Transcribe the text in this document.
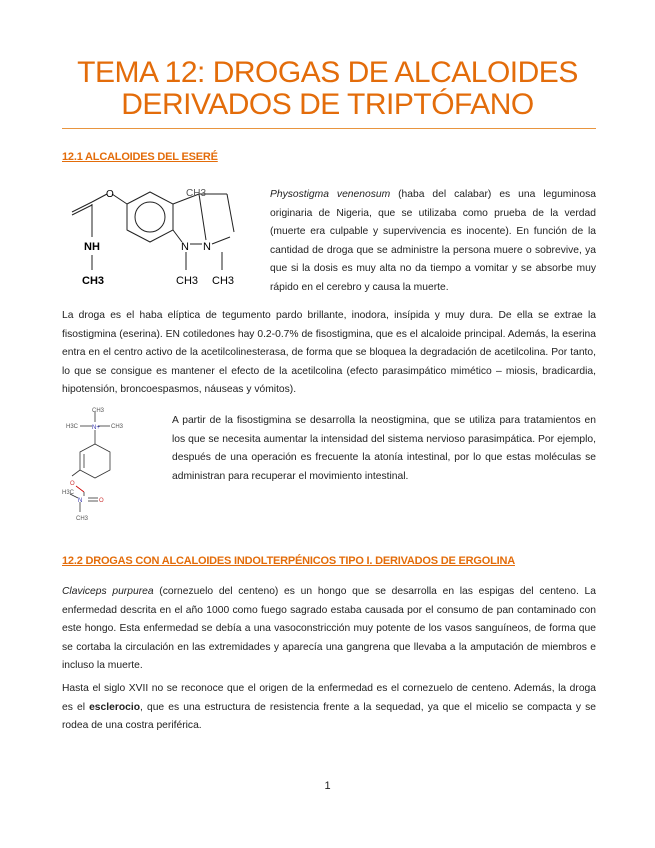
TEMA 12: DROGAS DE ALCALOIDES
DERIVADOS DE TRIPTÓFANO
12.1 ALCALOIDES DEL ESERÉ
O	CH3
NH
CH3
N N
CH3 CH3
Physostigma venenosum (haba del calabar) es una leguminosa originaria de Nigeria, que se utilizaba como prueba de la verdad (muerte era culpable y supervivencia es inocente). En función de la cantidad de droga que se administre la persona muere o sobrevive, ya que si la dosis es muy alta no da tiempo a vomitar y se absorbe muy rápido en el cerebro y causa la muerte.
La droga es el haba elíptica de tegumento pardo brillante, inodora, insípida y muy dura. De ella se extrae la fisostigmina (eserina). EN cotiledones hay 0.2-0.7% de fisostigmina, que es el alcaloide principal. Además, la eserina entra en el centro activo de la acetilcolinesterasa, de forma que se bloquea la degradación de acetilcolina. Por tanto, lo que se consigue es mantener el efecto de la acetilcolina (efecto parasimpático mimético – miosis, bradicardia, hipotensión, broncoespasmos, náuseas y vómitos).
CH3
H3C	CH3
N+
O
H3C
N	O
CH3
A partir de la fisostigmina se desarrolla la neostigmina, que se utiliza para tratamientos en los que se necesita aumentar la intensidad del sistema nervioso parasimpática. Por ejemplo, después de una operación es frecuente la atonía intestinal, por lo que estas moléculas se administran para recuperar el movimiento intestinal.
12.2 DROGAS CON ALCALOIDES INDOLTERPÉNICOS TIPO I. DERIVADOS DE ERGOLINA
Claviceps purpurea (cornezuelo del centeno) es un hongo que se desarrolla en las espigas del centeno. La enfermedad descrita en el año 1000 como fuego sagrado estaba causada por el consumo de pan contaminado con este hongo. Esta enfermedad se debía a una vasoconstricción muy potente de los vasos sanguíneos, de forma que se cortaba la circulación en las extremidades y aparecía una gangrena que llevaba a la amputación de miembros e incluso la muerte.
Hasta el siglo XVII no se reconoce que el origen de la enfermedad es el cornezuelo de centeno. Además, la droga es el esclerocio, que es una estructura de resistencia frente a la sequedad, ya que el micelio se compacta y se rodea de una costra periférica.
1
